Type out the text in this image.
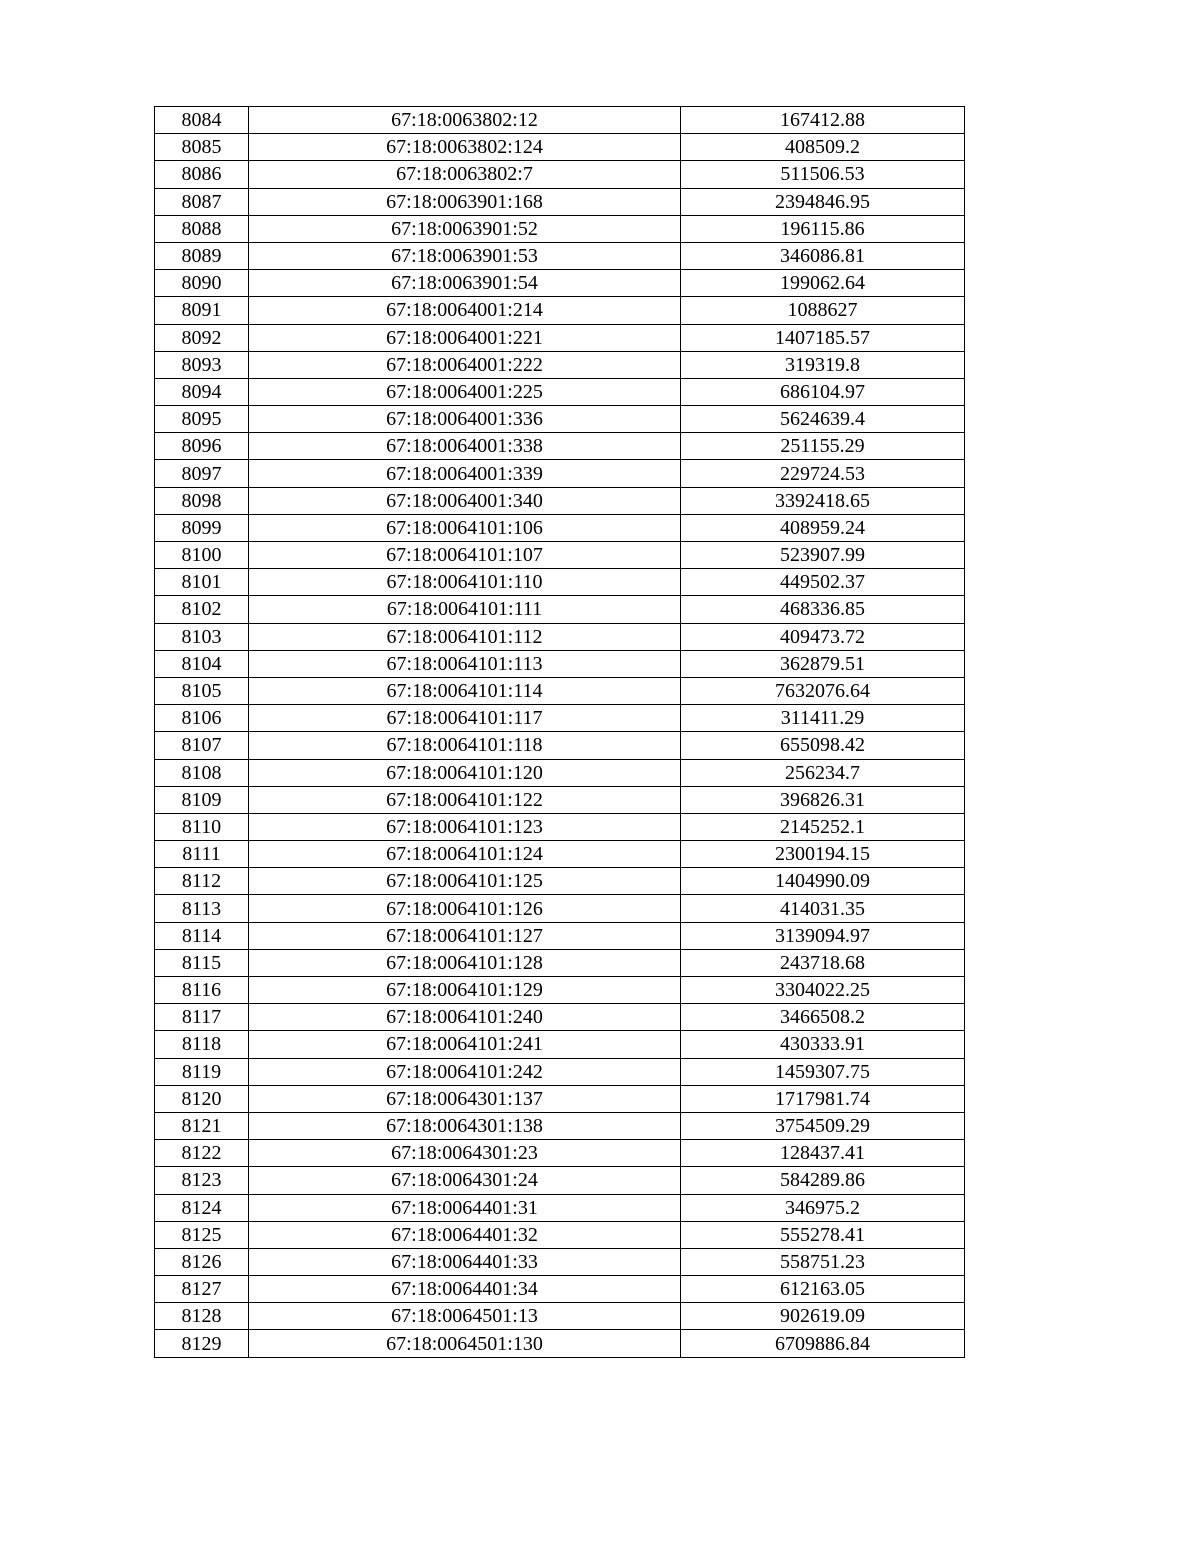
8084	67:18:0063802:12	167412.88
8085	67:18:0063802:124	408509.2
8086	67:18:0063802:7	511506.53
8087	67:18:0063901:168	2394846.95
8088	67:18:0063901:52	196115.86
8089	67:18:0063901:53	346086.81
8090	67:18:0063901:54	199062.64
8091	67:18:0064001:214	1088627
8092	67:18:0064001:221	1407185.57
8093	67:18:0064001:222	319319.8
8094	67:18:0064001:225	686104.97
8095	67:18:0064001:336	5624639.4
8096	67:18:0064001:338	251155.29
8097	67:18:0064001:339	229724.53
8098	67:18:0064001:340	3392418.65
8099	67:18:0064101:106	408959.24
8100	67:18:0064101:107	523907.99
8101	67:18:0064101:110	449502.37
8102	67:18:0064101:111	468336.85
8103	67:18:0064101:112	409473.72
8104	67:18:0064101:113	362879.51
8105	67:18:0064101:114	7632076.64
8106	67:18:0064101:117	311411.29
8107	67:18:0064101:118	655098.42
8108	67:18:0064101:120	256234.7
8109	67:18:0064101:122	396826.31
8110	67:18:0064101:123	2145252.1
8111	67:18:0064101:124	2300194.15
8112	67:18:0064101:125	1404990.09
8113	67:18:0064101:126	414031.35
8114	67:18:0064101:127	3139094.97
8115	67:18:0064101:128	243718.68
8116	67:18:0064101:129	3304022.25
8117	67:18:0064101:240	3466508.2
8118	67:18:0064101:241	430333.91
8119	67:18:0064101:242	1459307.75
8120	67:18:0064301:137	1717981.74
8121	67:18:0064301:138	3754509.29
8122	67:18:0064301:23	128437.41
8123	67:18:0064301:24	584289.86
8124	67:18:0064401:31	346975.2
8125	67:18:0064401:32	555278.41
8126	67:18:0064401:33	558751.23
8127	67:18:0064401:34	612163.05
8128	67:18:0064501:13	902619.09
8129	67:18:0064501:130	6709886.84
